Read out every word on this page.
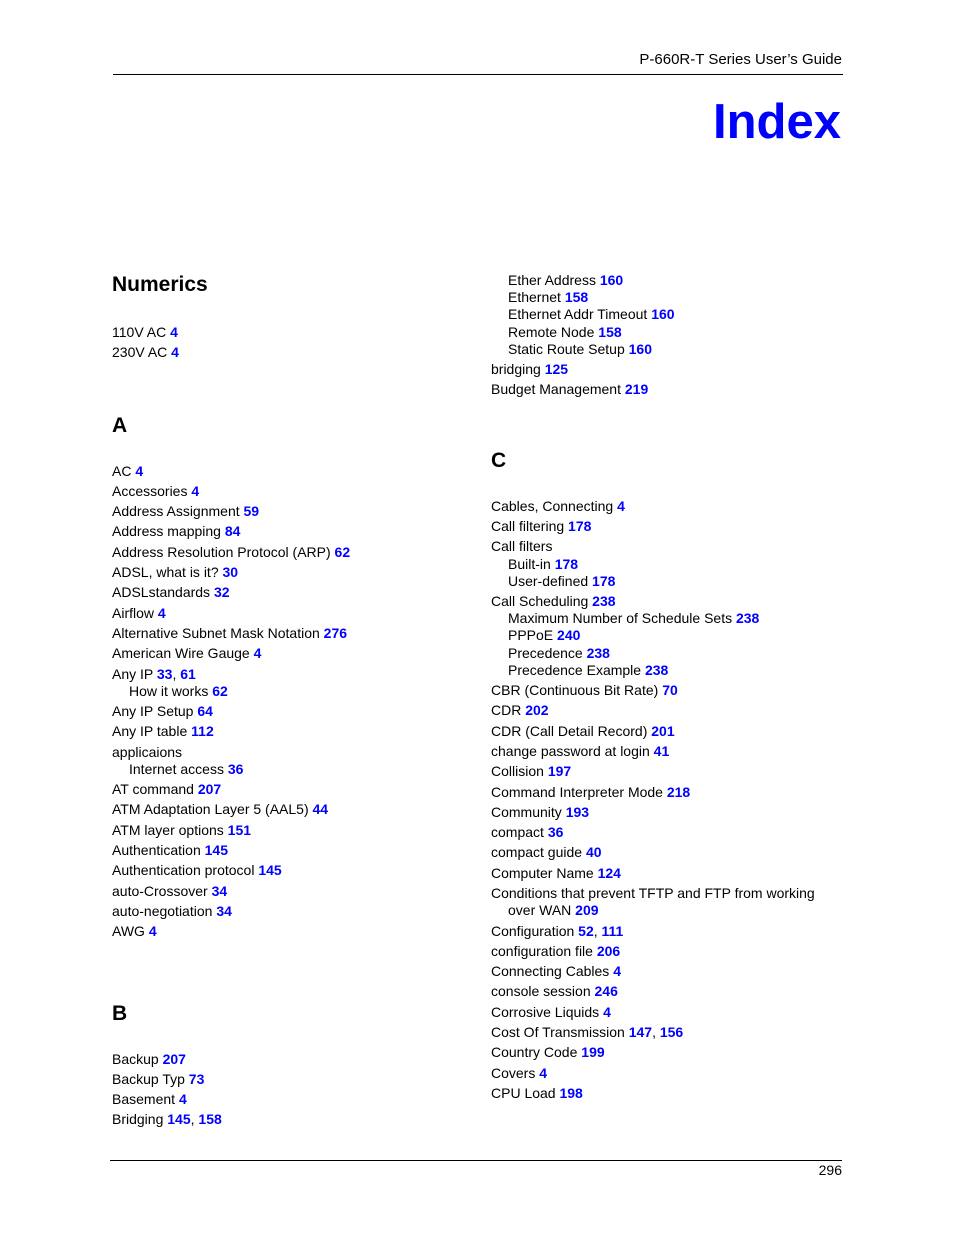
P-660R-T Series User’s Guide
Index
Numerics
110V AC 4
230V AC 4
A
AC 4
Accessories 4
Address Assignment 59
Address mapping 84
Address Resolution Protocol (ARP) 62
ADSL, what is it? 30
ADSLstandards 32
Airflow 4
Alternative Subnet Mask Notation 276
American Wire Gauge 4
Any IP 33, 61
How it works 62
Any IP Setup 64
Any IP table 112
applicaions
Internet access 36
AT command 207
ATM Adaptation Layer 5 (AAL5) 44
ATM layer options 151
Authentication 145
Authentication protocol 145
auto-Crossover 34
auto-negotiation 34
AWG 4
B
Backup 207
Backup Typ 73
Basement 4
Bridging 145, 158
Ether Address 160
Ethernet 158
Ethernet Addr Timeout 160
Remote Node 158
Static Route Setup 160
bridging 125
Budget Management 219
C
Cables, Connecting 4
Call filtering 178
Call filters
Built-in 178
User-defined 178
Call Scheduling 238
Maximum Number of Schedule Sets 238
PPPoE 240
Precedence 238
Precedence Example 238
CBR (Continuous Bit Rate) 70
CDR 202
CDR (Call Detail Record) 201
change password at login 41
Collision 197
Command Interpreter Mode 218
Community 193
compact 36
compact guide 40
Computer Name 124
Conditions that prevent TFTP and FTP from working
over WAN 209
Configuration 52, 111
configuration file 206
Connecting Cables 4
console session 246
Corrosive Liquids 4
Cost Of Transmission 147, 156
Country Code 199
Covers 4
CPU Load 198
296
